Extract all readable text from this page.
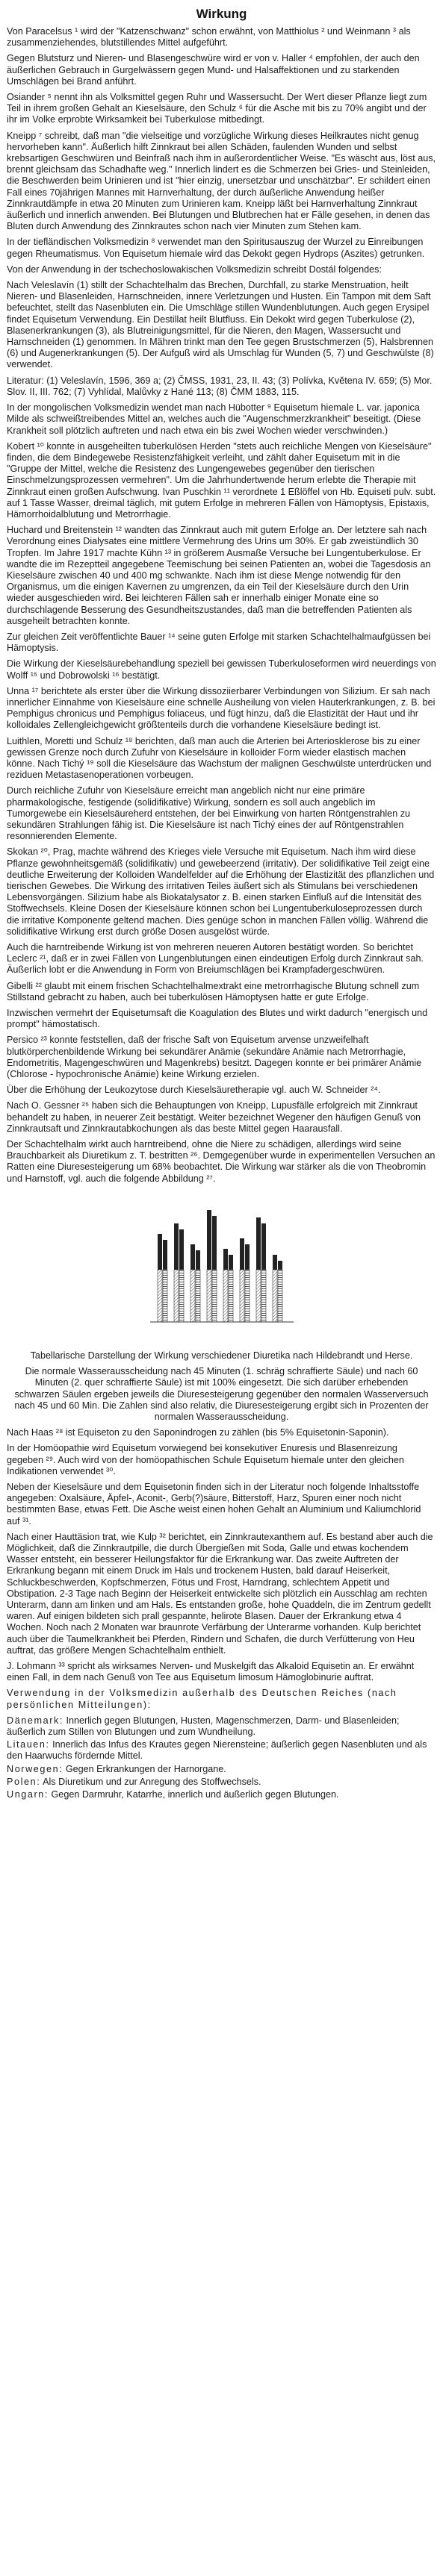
Wirkung

Von Paracelsus ¹ wird der "Katzenschwanz" schon erwähnt, von Matthiolus ² und Weinmann ³ als zusammenziehendes, blutstillendes Mittel aufgeführt.

Gegen Blutsturz und Nieren- und Blasengeschwüre wird er von v. Haller ⁴ empfohlen, der auch den äußerlichen Gebrauch in Gurgelwässern gegen Mund- und Halsaffektionen und zu starkenden Umschlägen bei Brand anführt.

Osiander ⁵ nennt ihn als Volksmittel gegen Ruhr und Wassersucht. Der Wert dieser Pflanze liegt zum Teil in ihrem großen Gehalt an Kieselsäure, den Schulz ⁶ für die Asche mit bis zu 70% angibt und der ihr im Volke erprobte Wirksamkeit bei Tuberkulose mitbedingt.

Kneipp ⁷ schreibt, daß man "die vielseitige und vorzügliche Wirkung dieses Heilkrautes nicht genug hervorheben kann". Äußerlich hilft Zinnkraut bei allen Schäden, faulenden Wunden und selbst krebsartigen Geschwüren und Beinfraß nach ihm in außerordentlicher Weise. "Es wäscht aus, löst aus, brennt gleichsam das Schadhafte weg." Innerlich lindert es die Schmerzen bei Gries- und Steinleiden, die Beschwerden beim Urinieren und ist "hier einzig, unersetzbar und unschätzbar". Er schildert einen Fall eines 70jährigen Mannes mit Harnverhaltung, der durch äußerliche Anwendung heißer Zinnkrautdämpfe in etwa 20 Minuten zum Urinieren kam. Kneipp läßt bei Harnverhaltung Zinnkraut äußerlich und innerlich anwenden. Bei Blutungen und Blutbrechen hat er Fälle gesehen, in denen das Bluten durch Anwendung des Zinnkrautes schon nach vier Minuten zum Stehen kam.

In der tiefländischen Volksmedizin ⁸ verwendet man den Spiritusauszug der Wurzel zu Einreibungen gegen Rheumatismus. Von Equisetum hiemale wird das Dekokt gegen Hydrops (Aszites) getrunken.

Von der Anwendung in der tschechoslowakischen Volksmedizin schreibt Dostál folgendes:

Nach Veleslavín (1) stillt der Schachtelhalm das Brechen, Durchfall, zu starke Menstruation, heilt Nieren- und Blasenleiden, Harnschneiden, innere Verletzungen und Husten. Ein Tampon mit dem Saft befeuchtet, stellt das Nasenbluten ein. Die Umschläge stillen Wundenblutungen. Auch gegen Erysipel findet Equisetum Verwendung. Ein Destillat heilt Blutfluss. Ein Dekokt wird gegen Tuberkulose (2), Blasenerkrankungen (3), als Blutreinigungsmittel, für die Nieren, den Magen, Wassersucht und Harnschneiden (1) genommen. In Mähren trinkt man den Tee gegen Brustschmerzen (5), Halsbrennen (6) und Augenerkrankungen (5). Der Aufguß wird als Umschlag für Wunden (5, 7) und Geschwülste (8) verwendet.

Literatur: (1) Veleslavín, 1596, 369 a; (2) ČMSS, 1931, 23, II. 43; (3) Polívka, Květena IV. 659; (5) Mor. Slov. II, III. 762; (7) Vyhlídal, Malůvky z Hané 113; (8) ČMM 1883, 115.

In der mongolischen Volksmedizin wendet man nach Hübotter ⁹ Equisetum hiemale L. var. japonica Milde als schweißtreibendes Mittel an, welches auch die "Augenschmerzkrankheit" beseitigt. (Diese Krankheit soll plötzlich auftreten und nach etwa ein bis zwei Wochen wieder verschwinden.)

Kobert ¹⁰ konnte in ausgeheilten tuberkulösen Herden "stets auch reichliche Mengen von Kieselsäure" finden, die dem Bindegewebe Resistenzfähigkeit verleiht, und zählt daher Equisetum mit in die "Gruppe der Mittel, welche die Resistenz des Lungengewebes gegenüber den tierischen Einschmelzungsprozessen vermehren". Um die Jahrhundertwende herum erlebte die Therapie mit Zinnkraut einen großen Aufschwung. Ivan Puschkin ¹¹ verordnete 1 Eßlöffel von Hb. Equiseti pulv. subt. auf 1 Tasse Wasser, dreimal täglich, mit gutem Erfolge in mehreren Fällen von Hämoptysis, Epistaxis, Hämorrhoidalblutung und Metrorrhagie.

Huchard und Breitenstein ¹² wandten das Zinnkraut auch mit gutem Erfolge an. Der letztere sah nach Verordnung eines Dialysates eine mittlere Vermehrung des Urins um 30%. Er gab zweistündlich 30 Tropfen. Im Jahre 1917 machte Kühn ¹³ in größerem Ausmaße Versuche bei Lungentuberkulose. Er wandte die im Rezeptteil angegebene Teemischung bei seinen Patienten an, wobei die Tagesdosis an Kieselsäure zwischen 40 und 400 mg schwankte. Nach ihm ist diese Menge notwendig für den Organismus, um die einigen Kavernen zu umgrenzen, da ein Teil der Kieselsäure durch den Urin wieder ausgeschieden wird. Bei leichteren Fällen sah er innerhalb einiger Monate eine so durchschlagende Besserung des Gesundheitszustandes, daß man die betreffenden Patienten als ausgeheilt betrachten konnte.

Zur gleichen Zeit veröffentlichte Bauer ¹⁴ seine guten Erfolge mit starken Schachtelhalmaufgüssen bei Hämoptysis.

Die Wirkung der Kieselsäurebehandlung speziell bei gewissen Tuberkuloseformen wird neuerdings von Wolff ¹⁵ und Dobrowolski ¹⁶ bestätigt.

Unna ¹⁷ berichtete als erster über die Wirkung dissoziierbarer Verbindungen von Silizium. Er sah nach innerlicher Einnahme von Kieselsäure eine schnelle Ausheilung von vielen Hauterkrankungen, z. B. bei Pemphigus chronicus und Pemphigus foliaceus, und fügt hinzu, daß die Elastizität der Haut und ihr kolloidales Zellengleichgewicht größtenteils durch die vorhandene Kieselsäure bedingt ist.

Luithlen, Moretti und Schulz ¹⁸ berichten, daß man auch die Arterien bei Arteriosklerose bis zu einer gewissen Grenze noch durch Zufuhr von Kieselsäure in kolloider Form wieder elastisch machen könne. Nach Tichý ¹⁹ soll die Kieselsäure das Wachstum der malignen Geschwülste unterdrücken und reziduen Metastasenoperationen vorbeugen.

Durch reichliche Zufuhr von Kieselsäure erreicht man angeblich nicht nur eine primäre pharmakologische, festigende (solidifikative) Wirkung, sondern es soll auch angeblich im Tumorgewebe ein Kieselsäureherd entstehen, der bei Einwirkung von harten Röntgenstrahlen zu sekundären Strahlungen fähig ist. Die Kieselsäure ist nach Tichý eines der auf Röntgenstrahlen resonnierenden Elemente.

Skokan ²⁰, Prag, machte während des Krieges viele Versuche mit Equisetum. Nach ihm wird diese Pflanze gewohnheitsgemäß (solidifikativ) und gewebeerzend (irritativ). Der solidifikative Teil zeigt eine deutliche Erweiterung der Kolloiden Wandelfelder auf die Erhöhung der Elastizität des pflanzlichen und tierischen Gewebes. Die Wirkung des irritativen Teiles äußert sich als Stimulans bei verschiedenen Lebensvorgängen. Silizium habe als Biokatalysator z. B. einen starken Einfluß auf die Intensität des Stoffwechsels. Kleine Dosen der Kieselsäure können schon bei Lungentuberkuloseprozessen durch die irritative Komponente geltend machen. Dies genüge schon in manchen Fällen völlig. Während die solidifikative Wirkung erst durch größe Dosen ausgelöst würde.

Auch die harntreibende Wirkung ist von mehreren neueren Autoren bestätigt worden. So berichtet Leclerc ²¹, daß er in zwei Fällen von Lungenblutungen einen eindeutigen Erfolg durch Zinnkraut sah. Äußerlich lobt er die Anwendung in Form von Breiumschlägen bei Krampfadergeschwüren.

Gibelli ²² glaubt mit einem frischen Schachtelhalmextrakt eine metrorrhagische Blutung schnell zum Stillstand gebracht zu haben, auch bei tuberkulösen Hämoptysen hatte er gute Erfolge.

Inzwischen vermehrt der Equisetumsaft die Koagulation des Blutes und wirkt dadurch "energisch und prompt" hämostatisch.

Persico ²³ konnte feststellen, daß der frische Saft von Equisetum arvense unzweifelhaft blutkörperchenbildende Wirkung bei sekundärer Anämie (sekundäre Anämie nach Metrorrhagie, Endometritis, Magengeschwüren und Magenkrebs) besitzt. Dagegen konnte er bei primärer Anämie (Chlorose - hypochronische Anämie) keine Wirkung erzielen.

Über die Erhöhung der Leukozytose durch Kieselsäuretherapie vgl. auch W. Schneider ²⁴.

Nach O. Gessner ²⁵ haben sich die Behauptungen von Kneipp, Lupusfälle erfolgreich mit Zinnkraut behandelt zu haben, in neuerer Zeit bestätigt. Weiter bezeichnet Wegener den häufigen Genuß von Zinnkrautsaft und Zinnkrautabkochungen als das beste Mittel gegen Haarausfall.

Der Schachtelhalm wirkt auch harntreibend, ohne die Niere zu schädigen, allerdings wird seine Brauchbarkeit als Diuretikum z. T. bestritten ²⁶. Demgegenüber wurde in experimentellen Versuchen an Ratten eine Diuresesteigerung um 68% beobachtet. Die Wirkung war stärker als die von Theobromin und Harnstoff, vgl. auch die folgende Abbildung ²⁷.

Tabellarische Darstellung der Wirkung verschiedener Diuretika nach Hildebrandt und Herse.

Die normale Wasserausscheidung nach 45 Minuten (1. schräg schraffierte Säule) und nach 60 Minuten (2. quer schraffierte Säule) ist mit 100% eingesetzt. Die sich darüber erhebenden schwarzen Säulen ergeben jeweils die Diuresesteigerung gegenüber den normalen Wasserversuch nach 45 und 60 Min. Die Zahlen sind also relativ, die Diuresesteigerung ergibt sich in Prozenten der normalen Wasserausscheidung.

Nach Haas ²⁸ ist Equiseton zu den Saponindrogen zu zählen (bis 5% Equisetonin-Saponin).

In der Homöopathie wird Equisetum vorwiegend bei konsekutiver Enuresis und Blasenreizung gegeben ²⁹. Auch wird von der homöopathischen Schule Equisetum hiemale unter den gleichen Indikationen verwendet ³⁰.

Neben der Kieselsäure und dem Equisetonin finden sich in der Literatur noch folgende Inhaltsstoffe angegeben: Oxalsäure, Äpfel-, Aconit-, Gerb(?)säure, Bitterstoff, Harz, Spuren einer noch nicht bestimmten Base, etwas Fett. Die Asche weist einen hohen Gehalt an Aluminium und Kaliumchlorid auf ³¹.

Nach einer Hauttäsion trat, wie Kulp ³² berichtet, ein Zinnkrautexanthem auf. Es bestand aber auch die Möglichkeit, daß die Zinnkrautpille, die durch Übergießen mit Soda, Galle und etwas kochendem Wasser entsteht, ein besserer Heilungsfaktor für die Erkrankung war. Das zweite Auftreten der Erkrankung begann mit einem Druck im Hals und trockenem Husten, bald darauf Heiserkeit, Schluckbeschwerden, Kopfschmerzen, Fötus und Frost, Harndrang, schlechtem Appetit und Obstipation. 2-3 Tage nach Beginn der Heiserkeit entwickelte sich plötzlich ein Ausschlag am rechten Unterarm, dann am linken und am Hals. Es entstanden große, hohe Quaddeln, die im Zentrum gedellt waren. Auf einigen bildeten sich prall gespannte, helirote Blasen. Dauer der Erkrankung etwa 4 Wochen. Noch nach 2 Monaten war braunrote Verfärbung der Unterarme vorhanden. Kulp berichtet auch über die Taumelkrankheit bei Pferden, Rindern und Schafen, die durch Verfütterung von Heu auftrat, das größere Mengen Schachtelhalm enthielt.

J. Lohmann ³³ spricht als wirksames Nerven- und Muskelgift das Alkaloid Equisetin an. Er erwähnt einen Fall, in dem nach Genuß von Tee aus Equisetum limosum Hämoglobinurie auftrat.

Verwendung in der Volksmedizin außerhalb des Deutschen Reiches (nach persönlichen Mitteilungen):

Dänemark: Innerlich gegen Blutungen, Husten, Magenschmerzen, Darm- und Blasenleiden; äußerlich zum Stillen von Blutungen und zum Wundheilung.

Litauen: Innerlich das Infus des Krautes gegen Nierensteine; äußerlich gegen Nasenbluten und als den Haarwuchs fördernde Mittel.

Norwegen: Gegen Erkrankungen der Harnorgane.

Polen: Als Diuretikum und zur Anregung des Stoffwechsels.

Ungarn: Gegen Darmruhr, Katarrhe, innerlich und äußerlich gegen Blutungen.
